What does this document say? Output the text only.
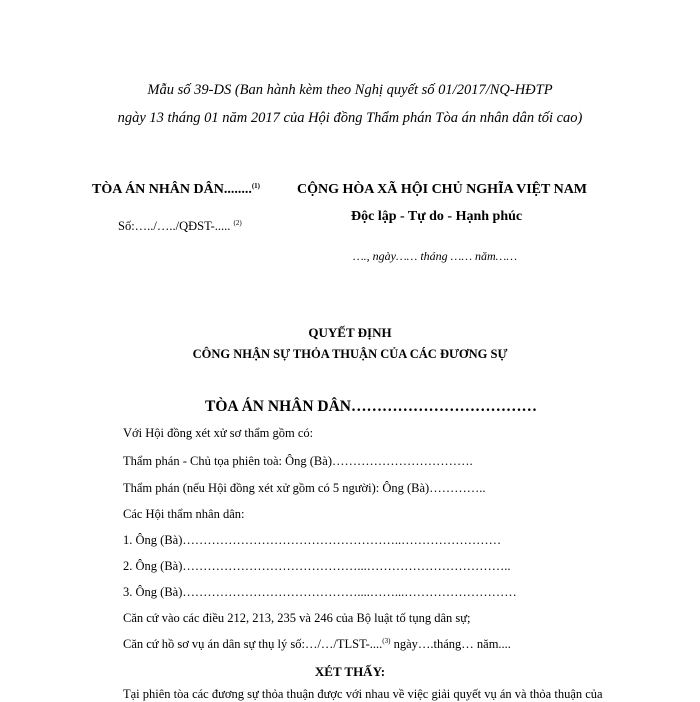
Mẫu số 39-DS (Ban hành kèm theo Nghị quyết số 01/2017/NQ-HĐTP
ngày 13 tháng 01 năm 2017 của Hội đồng Thẩm phán Tòa án nhân dân tối cao)
TÒA ÁN NHÂN DÂN........$^{(1)}$
Số:…../…../QĐST-..... $^{(2)}$
CỘNG HÒA XÃ HỘI CHỦ NGHĨA VIỆT NAM
Độc lập - Tự do - Hạnh phúc
…., ngày…… tháng …… năm……
QUYẾT ĐỊNH
CÔNG NHẬN SỰ THỎA THUẬN CỦA CÁC ĐƯƠNG SỰ
TÒA ÁN NHÂN DÂN………………………………
Với Hội đồng xét xử sơ thẩm gồm có:
Thẩm phán - Chủ tọa phiên toà: Ông (Bà)…………………………….
Thẩm phán (nếu Hội đồng xét xử gồm có 5 người): Ông (Bà)…………..
Các Hội thẩm nhân dân:
1. Ông (Bà)……………………………………………..……………………
2. Ông (Bà)……………………………………...……………………………..
3. Ông (Bà)……………………………………....……...………………………
Căn cứ vào các điều 212, 213, 235 và 246 của Bộ luật tố tụng dân sự;
Căn cứ hồ sơ vụ án dân sự thụ lý số:…/…/TLST-....$^{(3)}$ ngày….tháng… năm....
XÉT THẤY:
Tại phiên tòa các đương sự thỏa thuận được với nhau về việc giải quyết vụ án và thỏa thuận của
